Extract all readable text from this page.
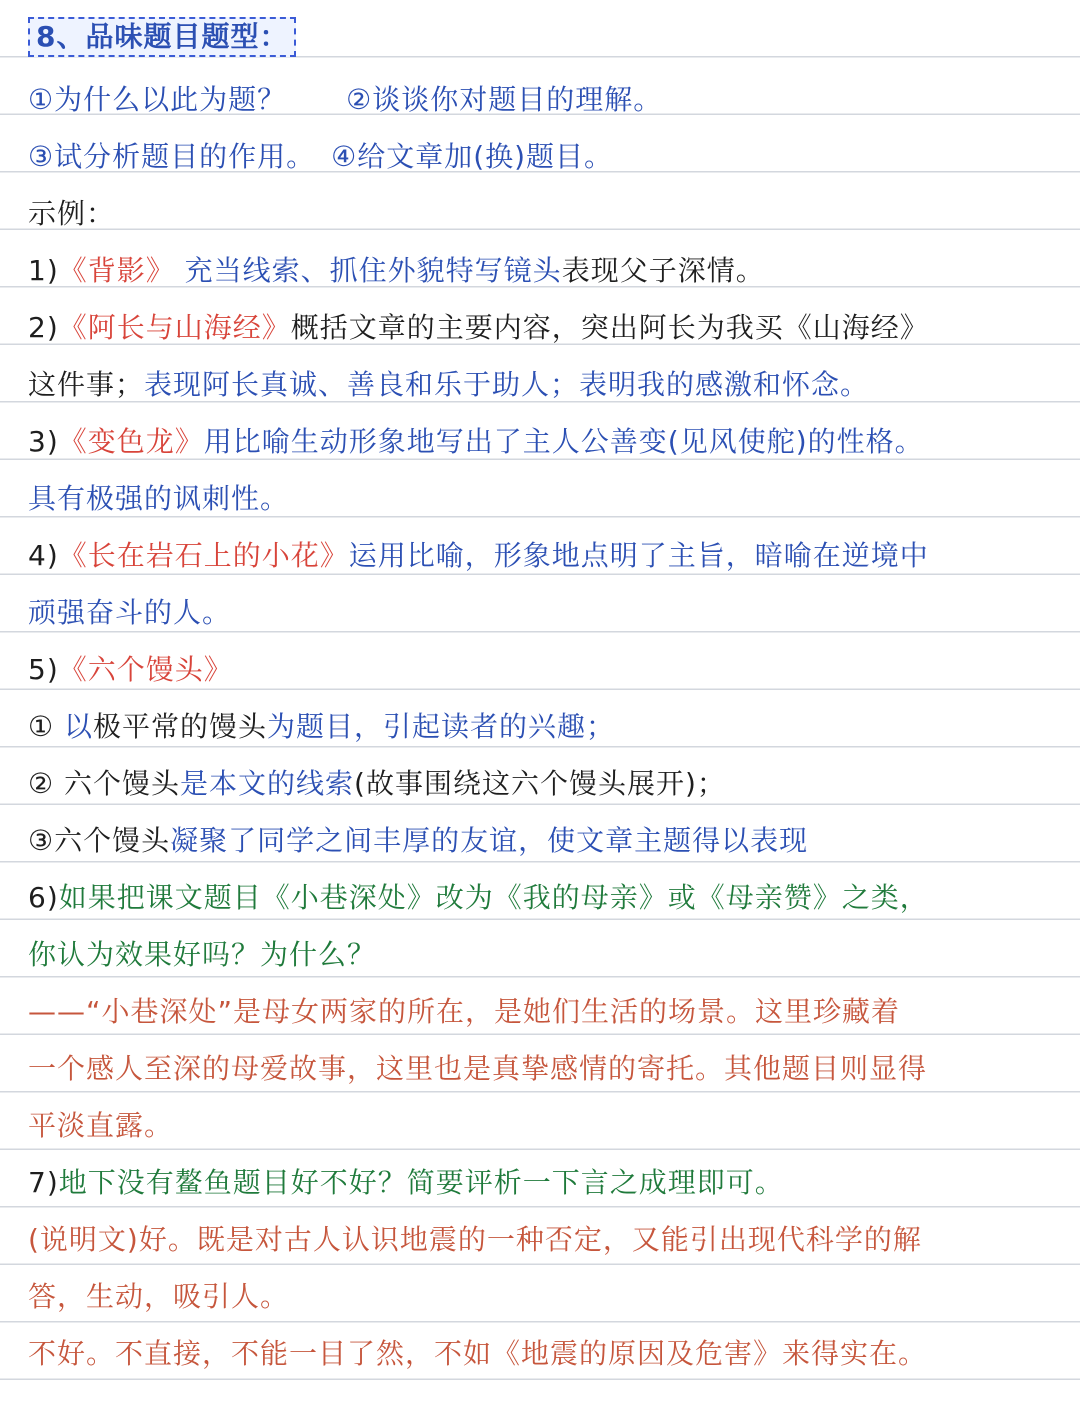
8、品味题目题型：
①为什么以此为题？ ②谈谈你对题目的理解。
③试分析题目的作用。 ④给文章加(换)题目。
示例：
1)《背影》 充当线索、抓住外貌特写镜头表现父子深情。
2)《阿长与山海经》概括文章的主要内容，突出阿长为我买《山海经》
这件事；表现阿长真诚、善良和乐于助人；表明我的感激和怀念。
3)《变色龙》用比喻生动形象地写出了主人公善变(见风使舵)的性格。
具有极强的讽刺性。
4)《长在岩石上的小花》运用比喻，形象地点明了主旨，暗喻在逆境中
顽强奋斗的人。
5)《六个馒头》
① 以极平常的馒头为题目，引起读者的兴趣；
② 六个馒头是本文的线索(故事围绕这六个馒头展开)；
③六个馒头凝聚了同学之间丰厚的友谊，使文章主题得以表现
6)如果把课文题目《小巷深处》改为《我的母亲》或《母亲赞》之类，
你认为效果好吗？为什么？
——“小巷深处”是母女两家的所在，是她们生活的场景。这里珍藏着
一个感人至深的母爱故事，这里也是真挚感情的寄托。其他题目则显得
平淡直露。
7)地下没有鳌鱼题目好不好？简要评析一下言之成理即可。
(说明文)好。既是对古人认识地震的一种否定，又能引出现代科学的解
答，生动，吸引人。
不好。不直接，不能一目了然，不如《地震的原因及危害》来得实在。
